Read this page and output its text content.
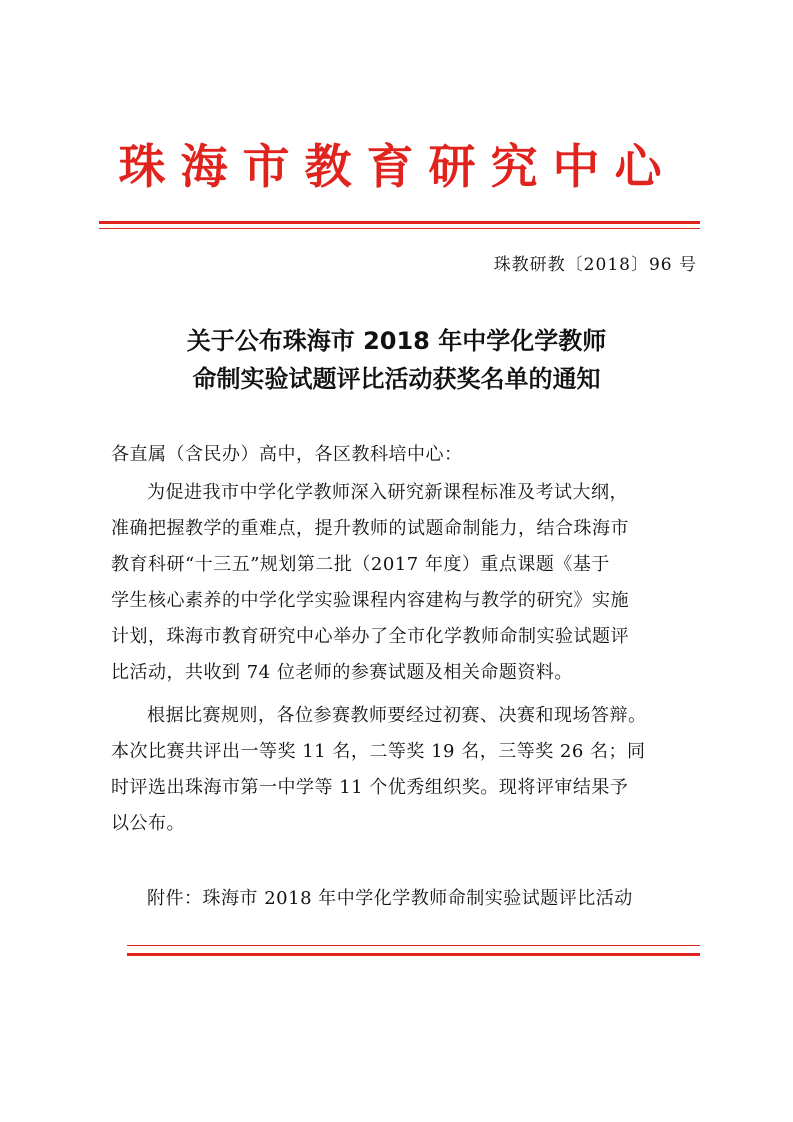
珠海市教育研究中心
珠教研教〔2018〕96 号
关于公布珠海市 2018 年中学化学教师
命制实验试题评比活动获奖名单的通知
各直属（含民办）高中，各区教科培中心：
为促进我市中学化学教师深入研究新课程标准及考试大纲，
准确把握教学的重难点，提升教师的试题命制能力，结合珠海市
教育科研“十三五”规划第二批（2017 年度）重点课题《基于
学生核心素养的中学化学实验课程内容建构与教学的研究》实施
计划，珠海市教育研究中心举办了全市化学教师命制实验试题评
比活动，共收到 74 位老师的参赛试题及相关命题资料。
根据比赛规则，各位参赛教师要经过初赛、决赛和现场答辩。
本次比赛共评出一等奖 11 名，二等奖 19 名，三等奖 26 名；同
时评选出珠海市第一中学等 11 个优秀组织奖。现将评审结果予
以公布。
附件：珠海市 2018 年中学化学教师命制实验试题评比活动
